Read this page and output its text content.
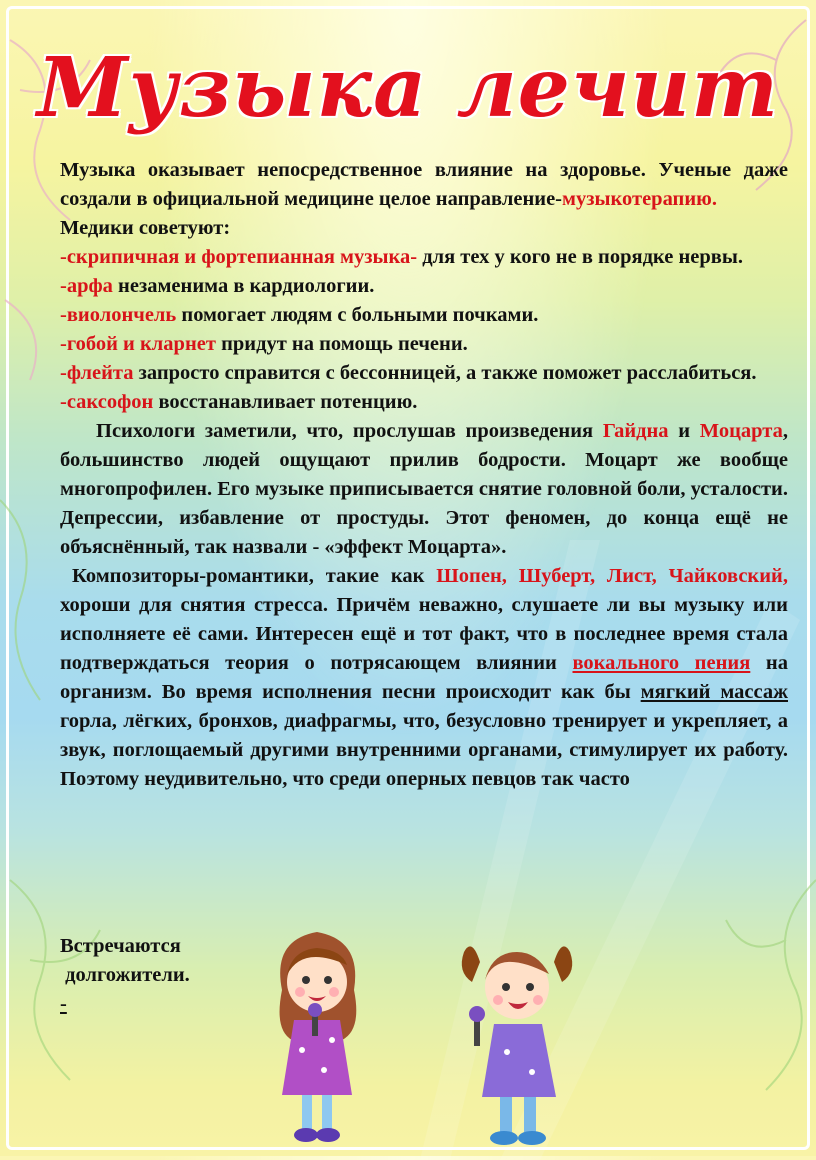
Музыка лечит

Музыка оказывает непосредственное влияние на здоровье. Ученые даже создали в официальной медицине целое направление-музыкотерапию.

Медики советуют:

-скрипичная и фортепианная музыка- для тех у кого не в порядке нервы.

-арфа незаменима в кардиологии.

-виолончель помогает людям с больными почками.

-гобой и кларнет придут на помощь печени.

-флейта запросто справится с бессонницей, а также поможет расслабиться.

-саксофон восстанавливает потенцию.

Психологи заметили, что, прослушав произведения Гайдна и Моцарта, большинство людей ощущают прилив бодрости. Моцарт же вообще многопрофилен. Его музыке приписывается снятие головной боли, усталости. Депрессии, избавление от простуды. Этот феномен, до конца ещё не объяснённый, так назвали - «эффект Моцарта».

Композиторы-романтики, такие как Шопен, Шуберт, Лист, Чайковский, хороши для снятия стресса. Причём неважно, слушаете ли вы музыку или исполняете её сами. Интересен ещё и тот факт, что в последнее время стала подтверждаться теория о потрясающем влиянии вокального пения на организм. Во время исполнения песни происходит как бы мягкий массаж горла, лёгких, бронхов, диафрагмы, что, безусловно тренирует и укрепляет, а звук, поглощаемый другими внутренними органами, стимулирует их работу. Поэтому неудивительно, что среди оперных певцов так часто

Встречаются

долгожители.

-
